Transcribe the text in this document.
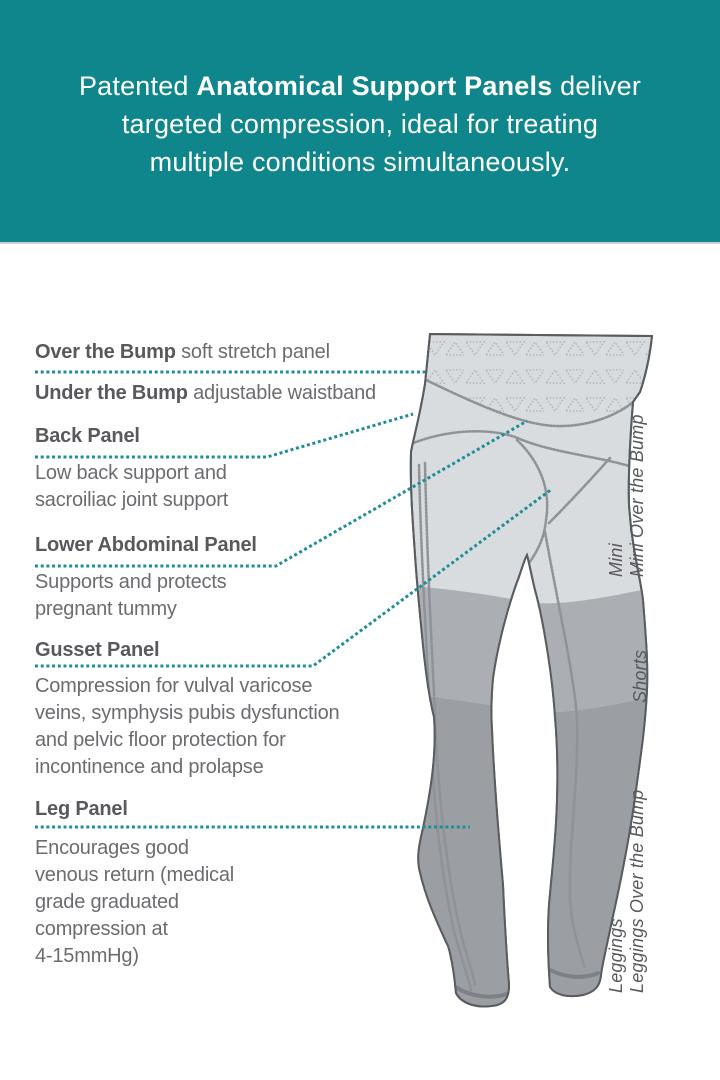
Patented Anatomical Support Panels deliver
targeted compression, ideal for treating
multiple conditions simultaneously.
Over the Bump soft stretch panel
Under the Bump adjustable waistband
Back Panel
Low back support and
sacroiliac joint support
Lower Abdominal Panel
Supports and protects
pregnant tummy
Gusset Panel
Compression for vulval varicose
veins, symphysis pubis dysfunction
and pelvic floor protection for
incontinence and prolapse
Leg Panel
Encourages good
venous return (medical
grade graduated
compression at
4-15mmHg)
Mini Mini Over the Bump
Shorts
Leggings Leggings Over the Bump
